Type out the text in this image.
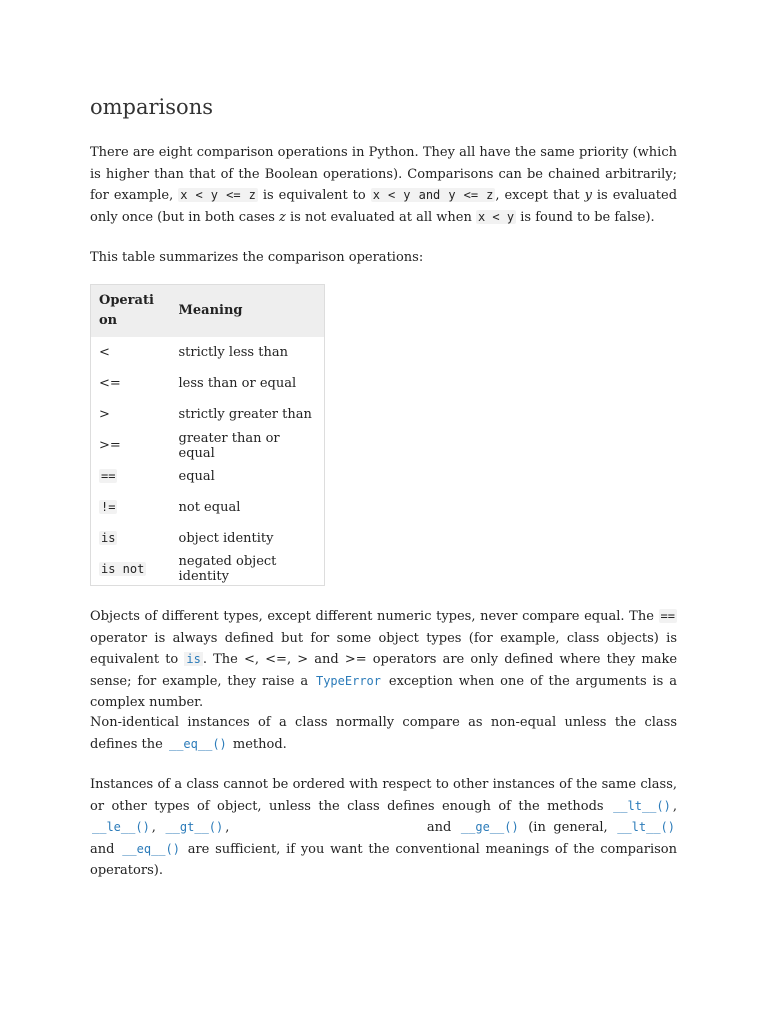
omparisons

There are eight comparison operations in Python. They all have the same priority (which is higher than that of the Boolean operations). Comparisons can be chained arbitrarily; for example, x < y <= z is equivalent to x < y and y <= z , except that y is evaluated only once (but in both cases z is not evaluated at all when x < y is found to be false).

This table summarizes the comparison operations:

Operation	Meaning
<	strictly less than
<=	less than or equal
>	strictly greater than
>=	greater than or equal
==	equal
!=	not equal
is	object identity
is not	negated object identity

Objects of different types, except different numeric types, never compare equal. The == operator is always defined but for some object types (for example, class objects) is equivalent to is . The <, <=, > and >= operators are only defined where they make sense; for example, they raise a TypeError exception when one of the arguments is a complex number.

Non-identical instances of a class normally compare as non-equal unless the class defines the __eq__() method.

Instances of a class cannot be ordered with respect to other instances of the same class, or other types of object, unless the class defines enough of the methods __lt__() , __le__() , __gt__() ,	and __ge__() (in general, __lt__() and __eq__() are sufficient, if you want the conventional meanings of the comparison operators).
